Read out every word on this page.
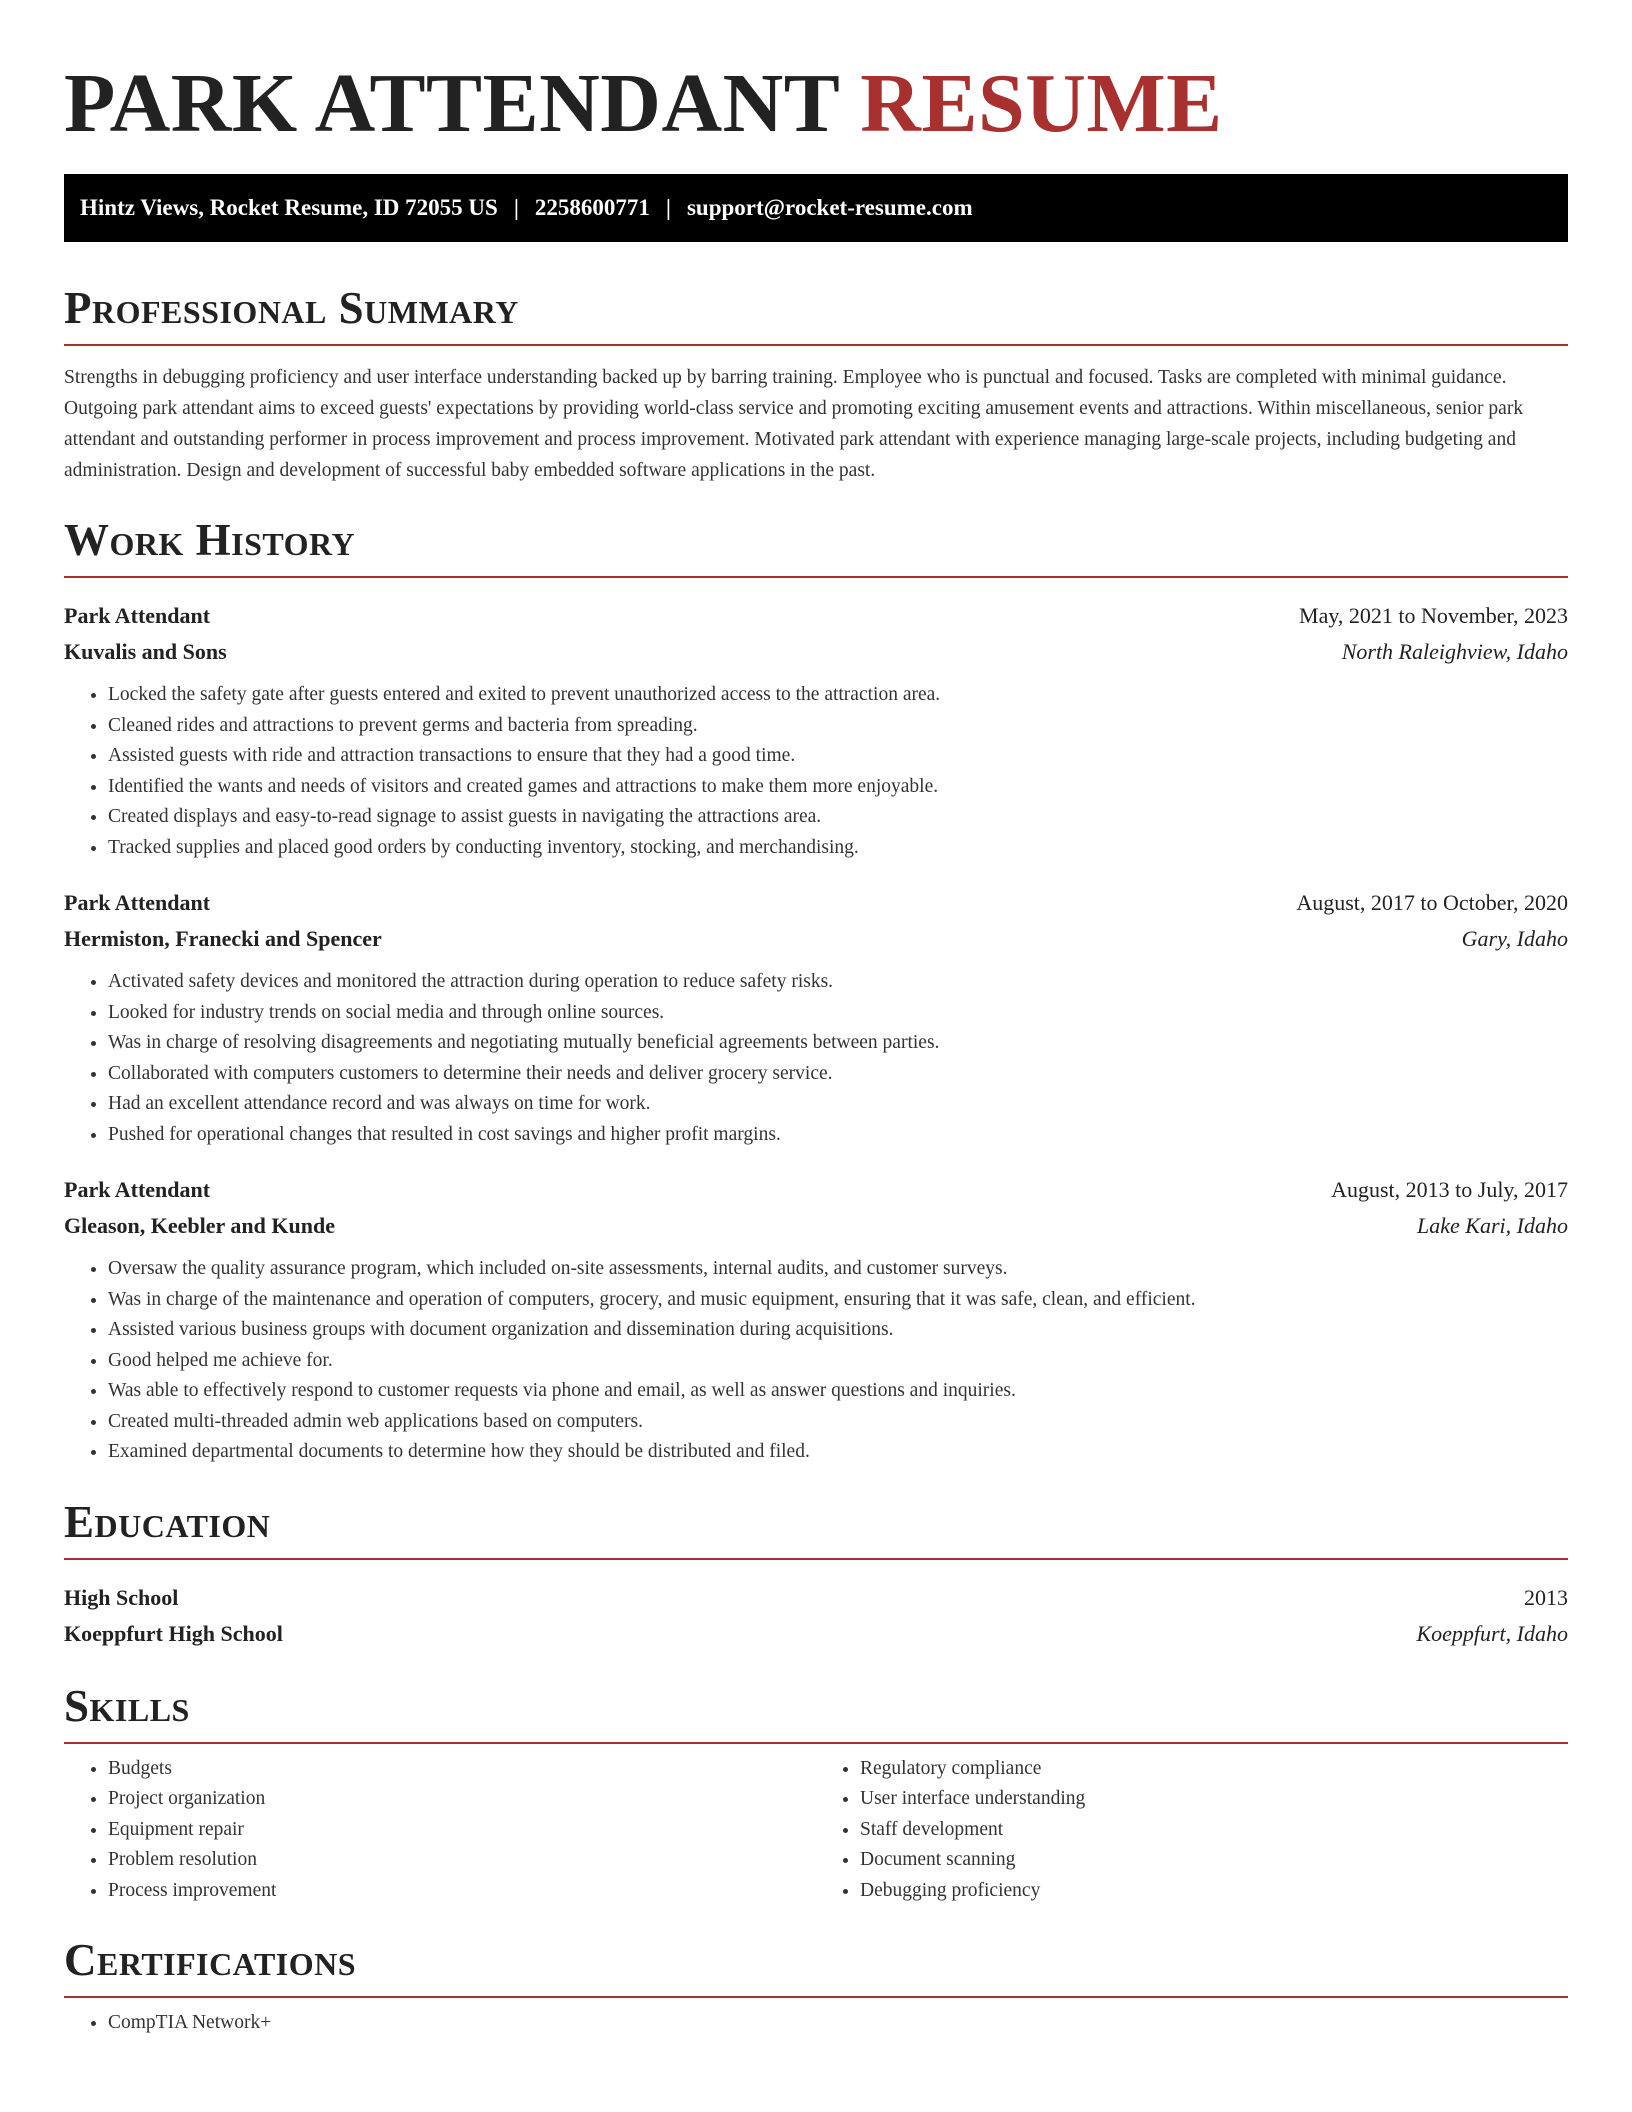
PARK ATTENDANT RESUME
Hintz Views, Rocket Resume, ID 72055 US | 2258600771 | support@rocket-resume.com
Professional Summary

Strengths in debugging proficiency and user interface understanding backed up by barring training. Employee who is punctual and focused. Tasks are completed with minimal guidance. Outgoing park attendant aims to exceed guests' expectations by providing world-class service and promoting exciting amusement events and attractions. Within miscellaneous, senior park attendant and outstanding performer in process improvement and process improvement. Motivated park attendant with experience managing large-scale projects, including budgeting and administration. Design and development of successful baby embedded software applications in the past.

Work History
Park Attendant	May, 2021 to November, 2023
Kuvalis and Sons	North Raleighview, Idaho
• Locked the safety gate after guests entered and exited to prevent unauthorized access to the attraction area.
• Cleaned rides and attractions to prevent germs and bacteria from spreading.
• Assisted guests with ride and attraction transactions to ensure that they had a good time.
• Identified the wants and needs of visitors and created games and attractions to make them more enjoyable.
• Created displays and easy-to-read signage to assist guests in navigating the attractions area.
• Tracked supplies and placed good orders by conducting inventory, stocking, and merchandising.
Park Attendant	August, 2017 to October, 2020
Hermiston, Franecki and Spencer	Gary, Idaho
• Activated safety devices and monitored the attraction during operation to reduce safety risks.
• Looked for industry trends on social media and through online sources.
• Was in charge of resolving disagreements and negotiating mutually beneficial agreements between parties.
• Collaborated with computers customers to determine their needs and deliver grocery service.
• Had an excellent attendance record and was always on time for work.
• Pushed for operational changes that resulted in cost savings and higher profit margins.
Park Attendant	August, 2013 to July, 2017
Gleason, Keebler and Kunde	Lake Kari, Idaho
• Oversaw the quality assurance program, which included on-site assessments, internal audits, and customer surveys.
• Was in charge of the maintenance and operation of computers, grocery, and music equipment, ensuring that it was safe, clean, and efficient.
• Assisted various business groups with document organization and dissemination during acquisitions.
• Good helped me achieve for.
• Was able to effectively respond to customer requests via phone and email, as well as answer questions and inquiries.
• Created multi-threaded admin web applications based on computers.
• Examined departmental documents to determine how they should be distributed and filed.
Education
High School	2013
Koeppfurt High School	Koeppfurt, Idaho
Skills
• Budgets
• Project organization
• Equipment repair
• Problem resolution
• Process improvement
• Regulatory compliance
• User interface understanding
• Staff development
• Document scanning
• Debugging proficiency
Certifications
• CompTIA Network+
